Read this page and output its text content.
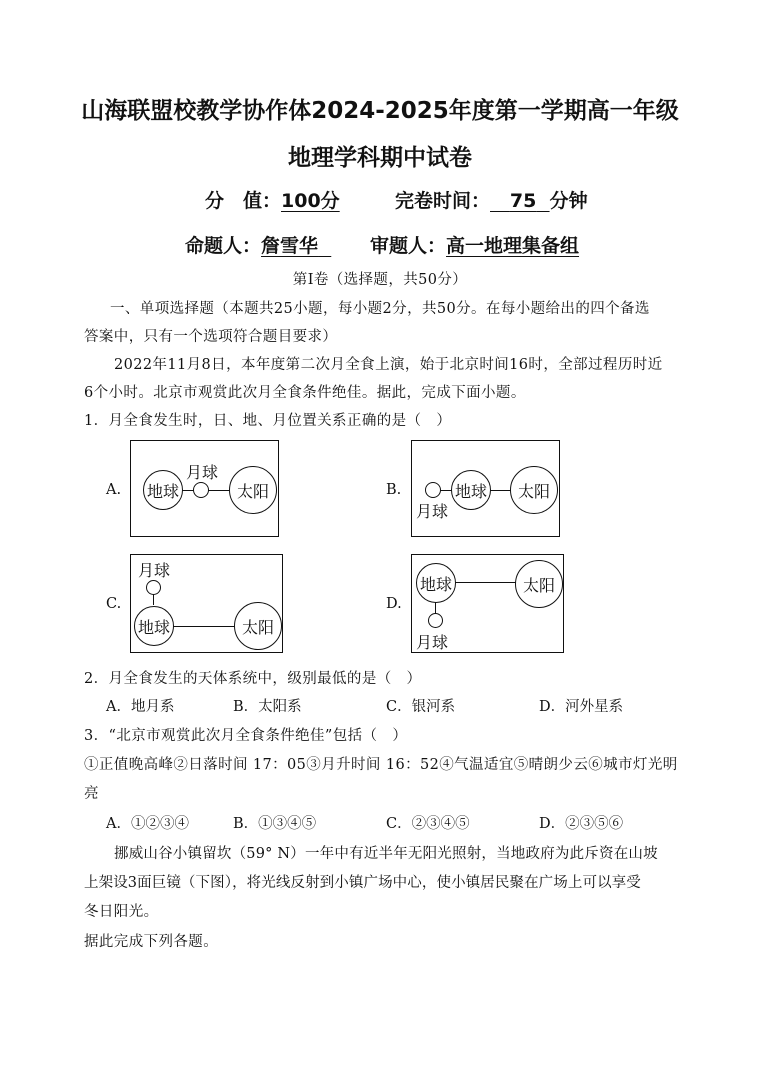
山海联盟校教学协作体2024-2025年度第一学期高一年级
地理学科期中试卷
分　值：100分	完卷时间： 75 分钟
命题人：詹雪华	审题人：高一地理集备组
第Ⅰ卷（选择题，共50分）
一、单项选择题（本题共25小题，每小题2分，共50分。在每小题给出的四个备选
答案中，只有一个选项符合题目要求）
2022年11月8日，本年度第二次月全食上演，始于北京时间16时，全部过程历时近
6个小时。北京市观赏此次月全食条件绝佳。据此，完成下面小题。
1．月全食发生时，日、地、月位置关系正确的是（　）
A. 地球
月球
太阳	B.
月球
地球	太阳
C.
月球
地球	太阳
D.
地球	太阳
月球
2．月全食发生的天体系统中，级别最低的是（　）
A．地月系	B．太阳系	C．银河系	D．河外星系
3．“北京市观赏此次月全食条件绝佳”包括（　）
①正值晚高峰②日落时间 17：05③月升时间 16：52④气温适宜⑤晴朗少云⑥城市灯光明
亮
A．①②③④	B．①③④⑤	C．②③④⑤	D．②③⑤⑥
挪威山谷小镇留坎（59° N）一年中有近半年无阳光照射，当地政府为此斥资在山坡
上架设3面巨镜（下图），将光线反射到小镇广场中心，使小镇居民聚在广场上可以享受
冬日阳光。
据此完成下列各题。
